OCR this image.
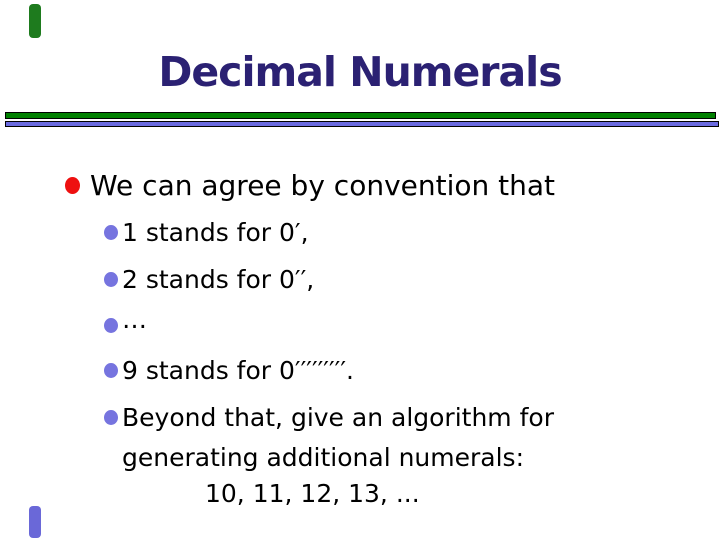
Decimal Numerals
We can agree by convention that
1 stands for 0′,
2 stands for 0′′,
…
9 stands for 0′′′′′′′′′.
Beyond that, give an algorithm for
generating additional numerals:
10, 11, 12, 13, ...
